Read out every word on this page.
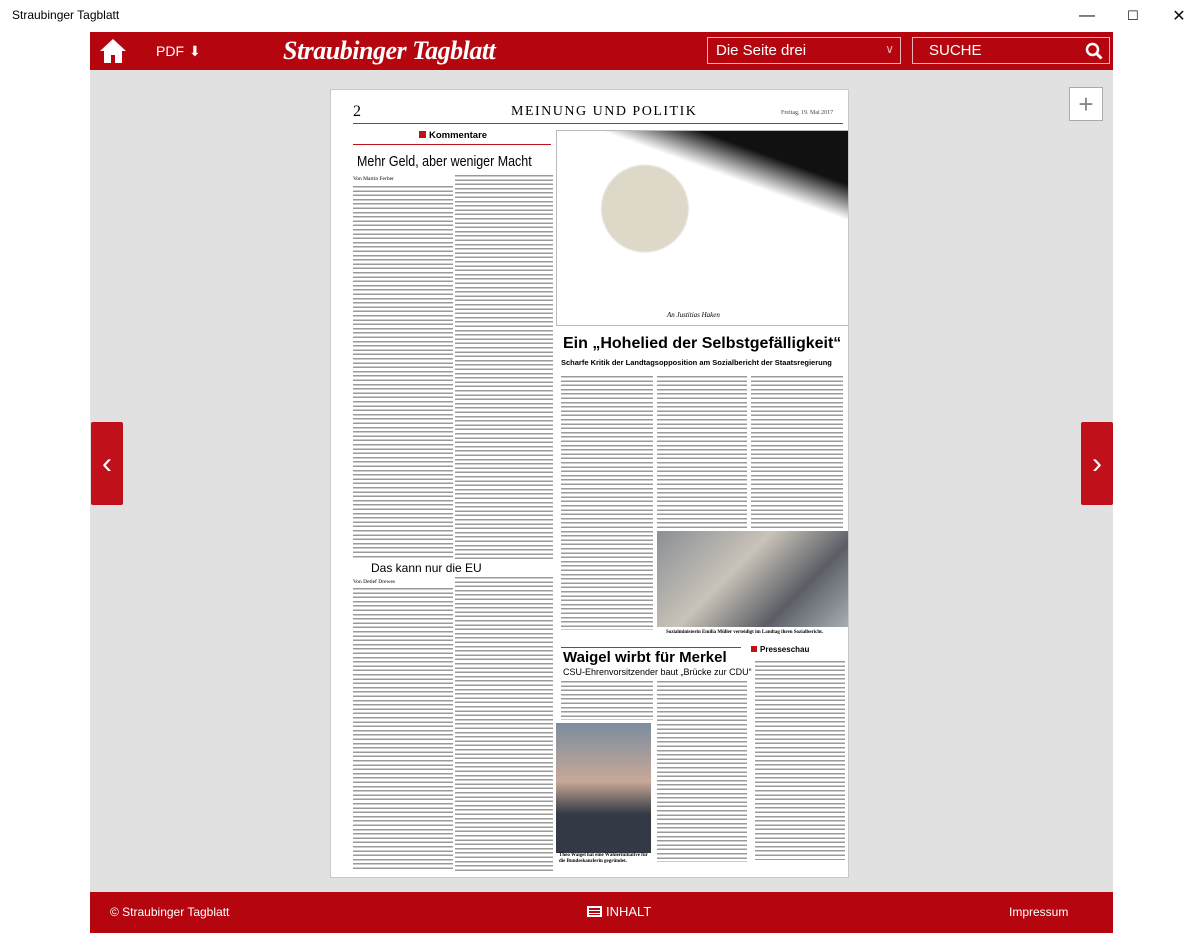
Straubinger Tagblatt	—	☐	✕
PDF ⬇	Straubinger Tagblatt	Die Seite drei	∨	SUCHE
2	MEINUNG UND POLITIK	Freitag, 19. Mai 2017
Kommentare
Mehr Geld, aber weniger Macht
Von Martin Ferber
Das kann nur die EU
Von Detlef Drewes
An Justitias Haken
Ein „Hohelied der Selbstgefälligkeit“
Scharfe Kritik der Landtagsopposition am Sozialbericht der Staatsregierung
Sozialministerin Emilia Müller verteidigt im Landtag ihren Sozialbericht.
Waigel wirbt für Merkel
CSU-Ehrenvorsitzender baut „Brücke zur CDU“
Theo Waigel hat eine Wählerinitiative für die Bundeskanzlerin gegründet.
Presseschau
+
‹	›
© Straubinger Tagblatt	INHALT	Impressum
